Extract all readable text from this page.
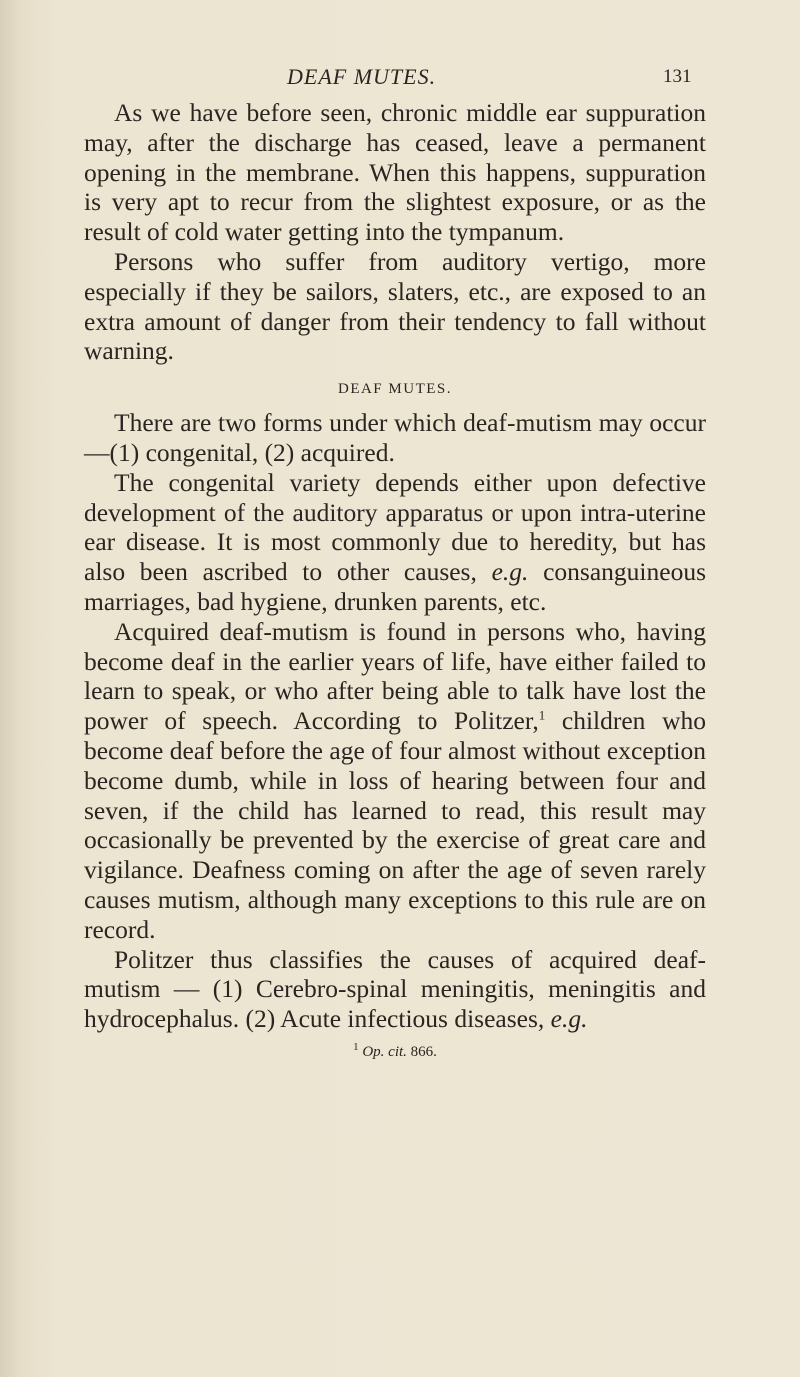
DEAF MUTES.	131

As we have before seen, chronic middle ear suppuration may, after the discharge has ceased, leave a permanent opening in the membrane. When this happens, suppuration is very apt to recur from the slightest exposure, or as the result of cold water getting into the tympanum.

Persons who suffer from auditory vertigo, more especially if they be sailors, slaters, etc., are exposed to an extra amount of danger from their tendency to fall without warning.

DEAF MUTES.

There are two forms under which deaf-mutism may occur—(1) congenital, (2) acquired.

The congenital variety depends either upon defective development of the auditory apparatus or upon intra-uterine ear disease. It is most commonly due to heredity, but has also been ascribed to other causes, e.g. consanguineous marriages, bad hygiene, drunken parents, etc.

Acquired deaf-mutism is found in persons who, having become deaf in the earlier years of life, have either failed to learn to speak, or who after being able to talk have lost the power of speech. According to Politzer,$^1$ children who become deaf before the age of four almost without exception become dumb, while in loss of hearing between four and seven, if the child has learned to read, this result may occasionally be prevented by the exercise of great care and vigilance. Deafness coming on after the age of seven rarely causes mutism, although many exceptions to this rule are on record.

Politzer thus classifies the causes of acquired deaf-mutism — (1) Cerebro-spinal meningitis, meningitis and hydrocephalus. (2) Acute infectious diseases, e.g.

$^1$ Op. cit. 866.
